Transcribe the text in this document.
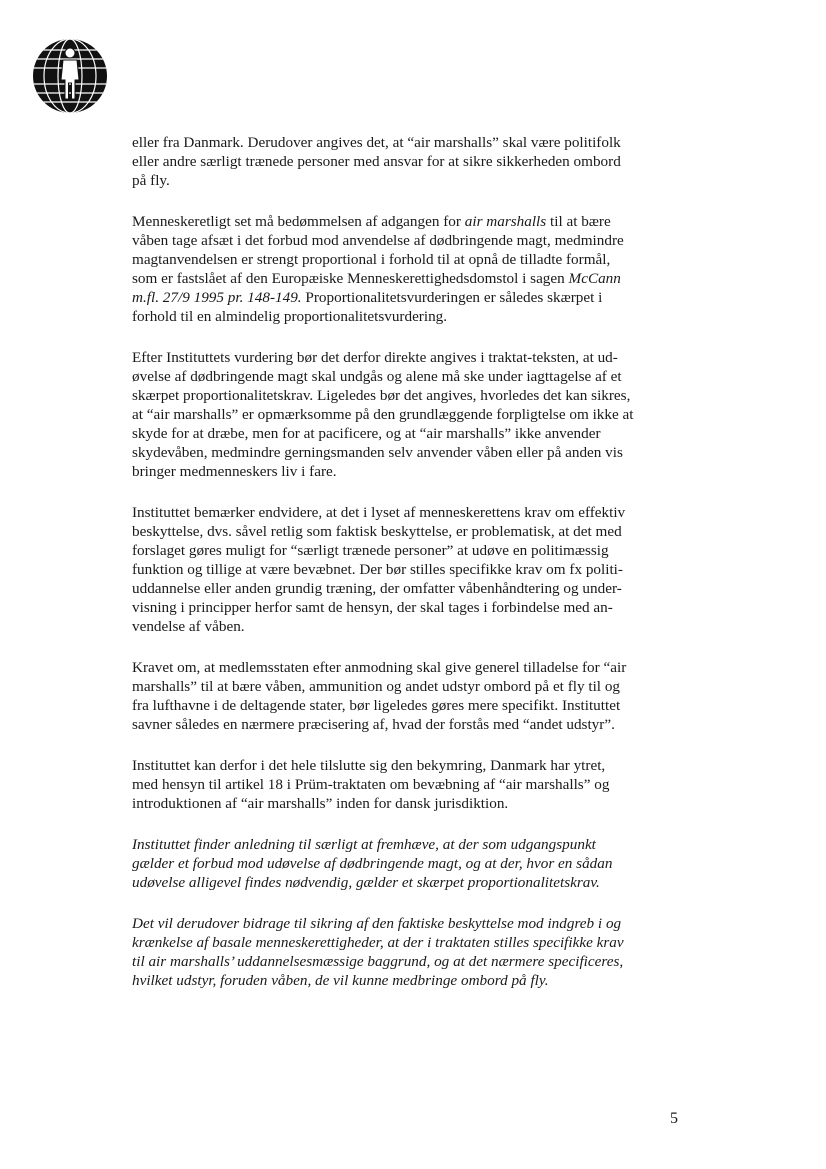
eller fra Danmark. Derudover angives det, at “air marshalls” skal være politifolk
eller andre særligt trænede personer med ansvar for at sikre sikkerheden ombord
på fly.

Menneskeretligt set må bedømmelsen af adgangen for air marshalls til at bære
våben tage afsæt i det forbud mod anvendelse af dødbringende magt, medmindre
magtanvendelsen er strengt proportional i forhold til at opnå de tilladte formål,
som er fastslået af den Europæiske Menneskerettighedsdomstol i sagen McCann
m.fl. 27/9 1995 pr. 148-149. Proportionalitetsvurderingen er således skærpet i
forhold til en almindelig proportionalitetsvurdering.

Efter Instituttets vurdering bør det derfor direkte angives i traktat-teksten, at ud-
øvelse af dødbringende magt skal undgås og alene må ske under iagttagelse af et
skærpet proportionalitetskrav. Ligeledes bør det angives, hvorledes det kan sikres,
at “air marshalls” er opmærksomme på den grundlæggende forpligtelse om ikke at
skyde for at dræbe, men for at pacificere, og at “air marshalls” ikke anvender
skydevåben, medmindre gerningsmanden selv anvender våben eller på anden vis
bringer medmenneskers liv i fare.

Instituttet bemærker endvidere, at det i lyset af menneskerettens krav om effektiv
beskyttelse, dvs. såvel retlig som faktisk beskyttelse, er problematisk, at det med
forslaget gøres muligt for “særligt trænede personer” at udøve en politimæssig
funktion og tillige at være bevæbnet. Der bør stilles specifikke krav om fx politi-
uddannelse eller anden grundig træning, der omfatter våbenhåndtering og under-
visning i principper herfor samt de hensyn, der skal tages i forbindelse med an-
vendelse af våben.

Kravet om, at medlemsstaten efter anmodning skal give generel tilladelse for “air
marshalls” til at bære våben, ammunition og andet udstyr ombord på et fly til og
fra lufthavne i de deltagende stater, bør ligeledes gøres mere specifikt. Instituttet
savner således en nærmere præcisering af, hvad der forstås med “andet udstyr”.

Instituttet kan derfor i det hele tilslutte sig den bekymring, Danmark har ytret,
med hensyn til artikel 18 i Prüm-traktaten om bevæbning af “air marshalls” og
introduktionen af “air marshalls” inden for dansk jurisdiktion.

Instituttet finder anledning til særligt at fremhæve, at der som udgangspunkt
gælder et forbud mod udøvelse af dødbringende magt, og at der, hvor en sådan
udøvelse alligevel findes nødvendig, gælder et skærpet proportionalitetskrav.

Det vil derudover bidrage til sikring af den faktiske beskyttelse mod indgreb i og
krænkelse af basale menneskerettigheder, at der i traktaten stilles specifikke krav
til air marshalls’ uddannelsesmæssige baggrund, og at det nærmere specificeres,
hvilket udstyr, foruden våben, de vil kunne medbringe ombord på fly.

5
